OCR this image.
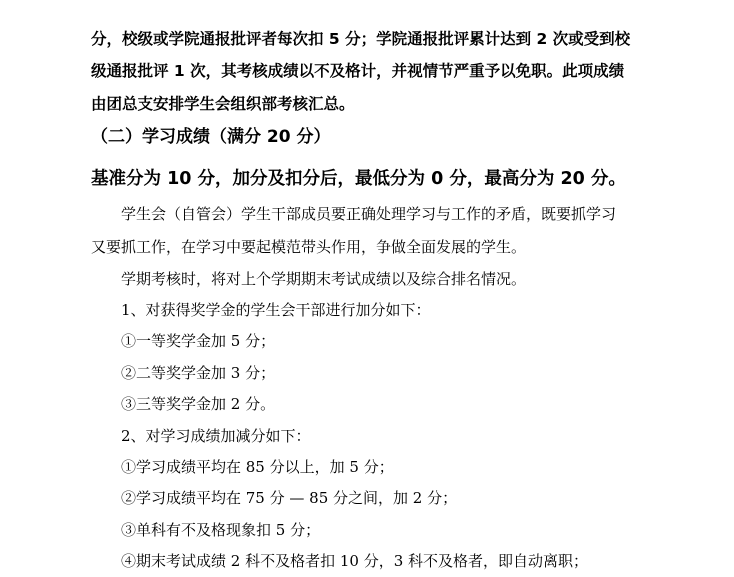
分，校级或学院通报批评者每次扣 5 分；学院通报批评累计达到 2 次或受到校
级通报批评 1 次，其考核成绩以不及格计，并视情节严重予以免职。此项成绩
由团总支安排学生会组织部考核汇总。
（二）学习成绩（满分 20 分）
基准分为 10 分，加分及扣分后，最低分为 0 分，最高分为 20 分。
学生会（自管会）学生干部成员要正确处理学习与工作的矛盾，既要抓学习
又要抓工作，在学习中要起模范带头作用，争做全面发展的学生。
学期考核时，将对上个学期期末考试成绩以及综合排名情况。
1、对获得奖学金的学生会干部进行加分如下：
①一等奖学金加 5 分；
②二等奖学金加 3 分；
③三等奖学金加 2 分。
2、对学习成绩加减分如下：
①学习成绩平均在 85 分以上，加 5 分；
②学习成绩平均在 75 分 — 85 分之间，加 2 分；
③单科有不及格现象扣 5 分；
④期末考试成绩 2 科不及格者扣 10 分，3 科不及格者，即自动离职；
